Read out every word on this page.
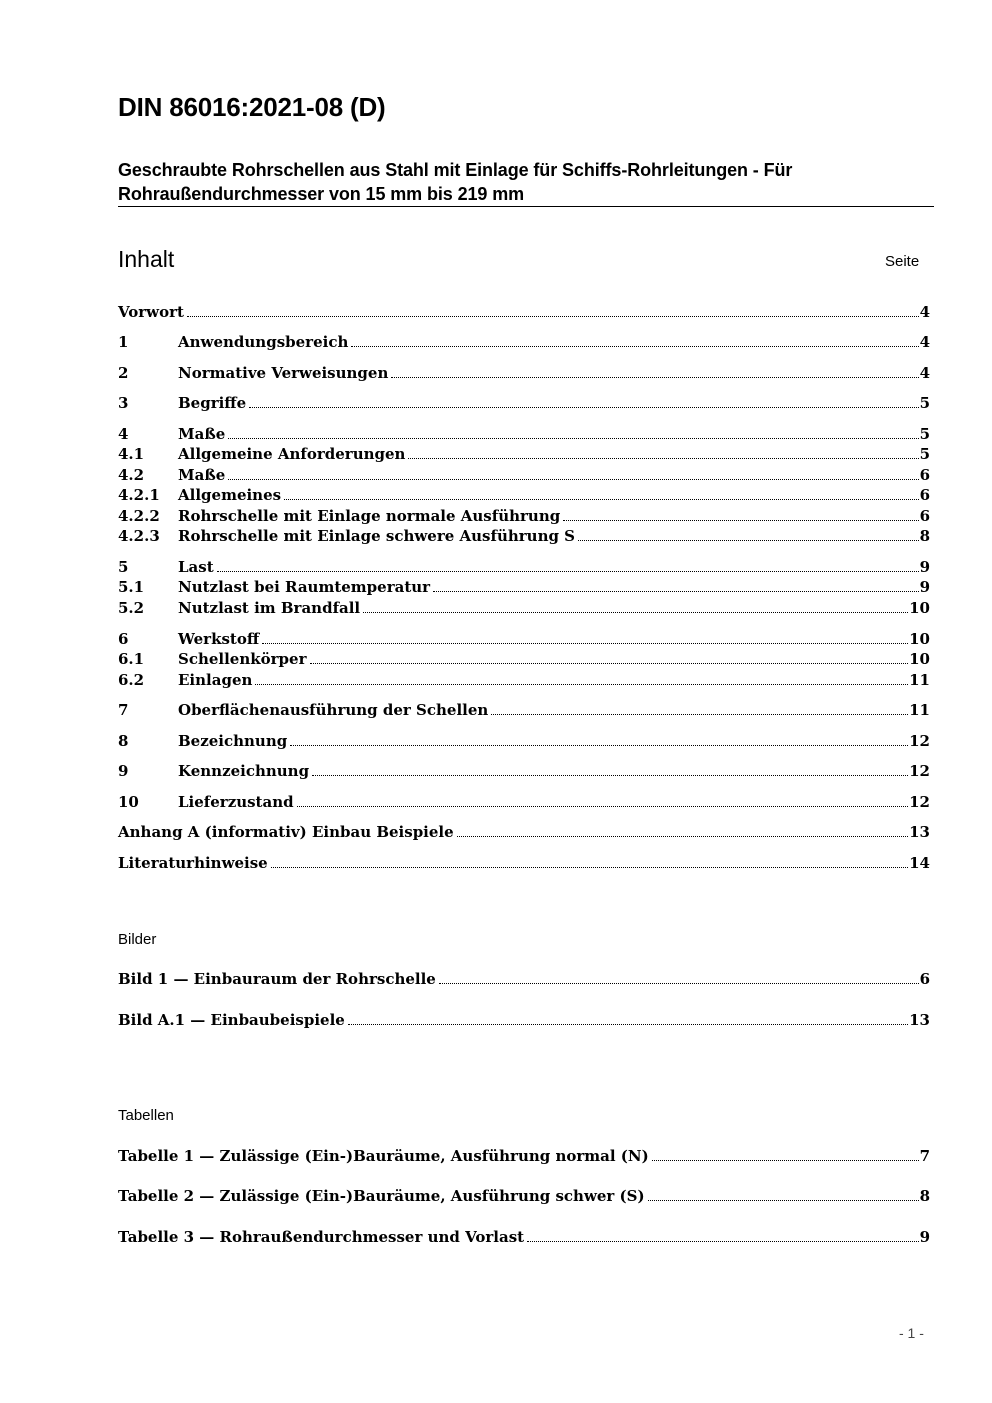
DIN 86016:2021-08 (D)
Geschraubte Rohrschellen aus Stahl mit Einlage für Schiffs-Rohrleitungen - Für
Rohraußendurchmesser von 15 mm bis 219 mm
Inhalt	Seite
Vorwort	4
1	Anwendungsbereich	4
2	Normative Verweisungen	4
3	Begriffe	5
4	Maße	5
4.1	Allgemeine Anforderungen	5
4.2	Maße	6
4.2.1	Allgemeines	6
4.2.2	Rohrschelle mit Einlage normale Ausführung	6
4.2.3	Rohrschelle mit Einlage schwere Ausführung S	8
5	Last	9
5.1	Nutzlast bei Raumtemperatur	9
5.2	Nutzlast im Brandfall	10
6	Werkstoff	10
6.1	Schellenkörper	10
6.2	Einlagen	11
7	Oberflächenausführung der Schellen	11
8	Bezeichnung	12
9	Kennzeichnung	12
10	Lieferzustand	12
Anhang A (informativ) Einbau Beispiele	13
Literaturhinweise	14
Bilder
Bild 1 — Einbauraum der Rohrschelle	6
Bild A.1 — Einbaubeispiele	13
Tabellen
Tabelle 1 — Zulässige (Ein-)Bauräume, Ausführung normal (N)	7
Tabelle 2 — Zulässige (Ein-)Bauräume, Ausführung schwer (S)	8
Tabelle 3 — Rohraußendurchmesser und Vorlast	9
- 1 -
